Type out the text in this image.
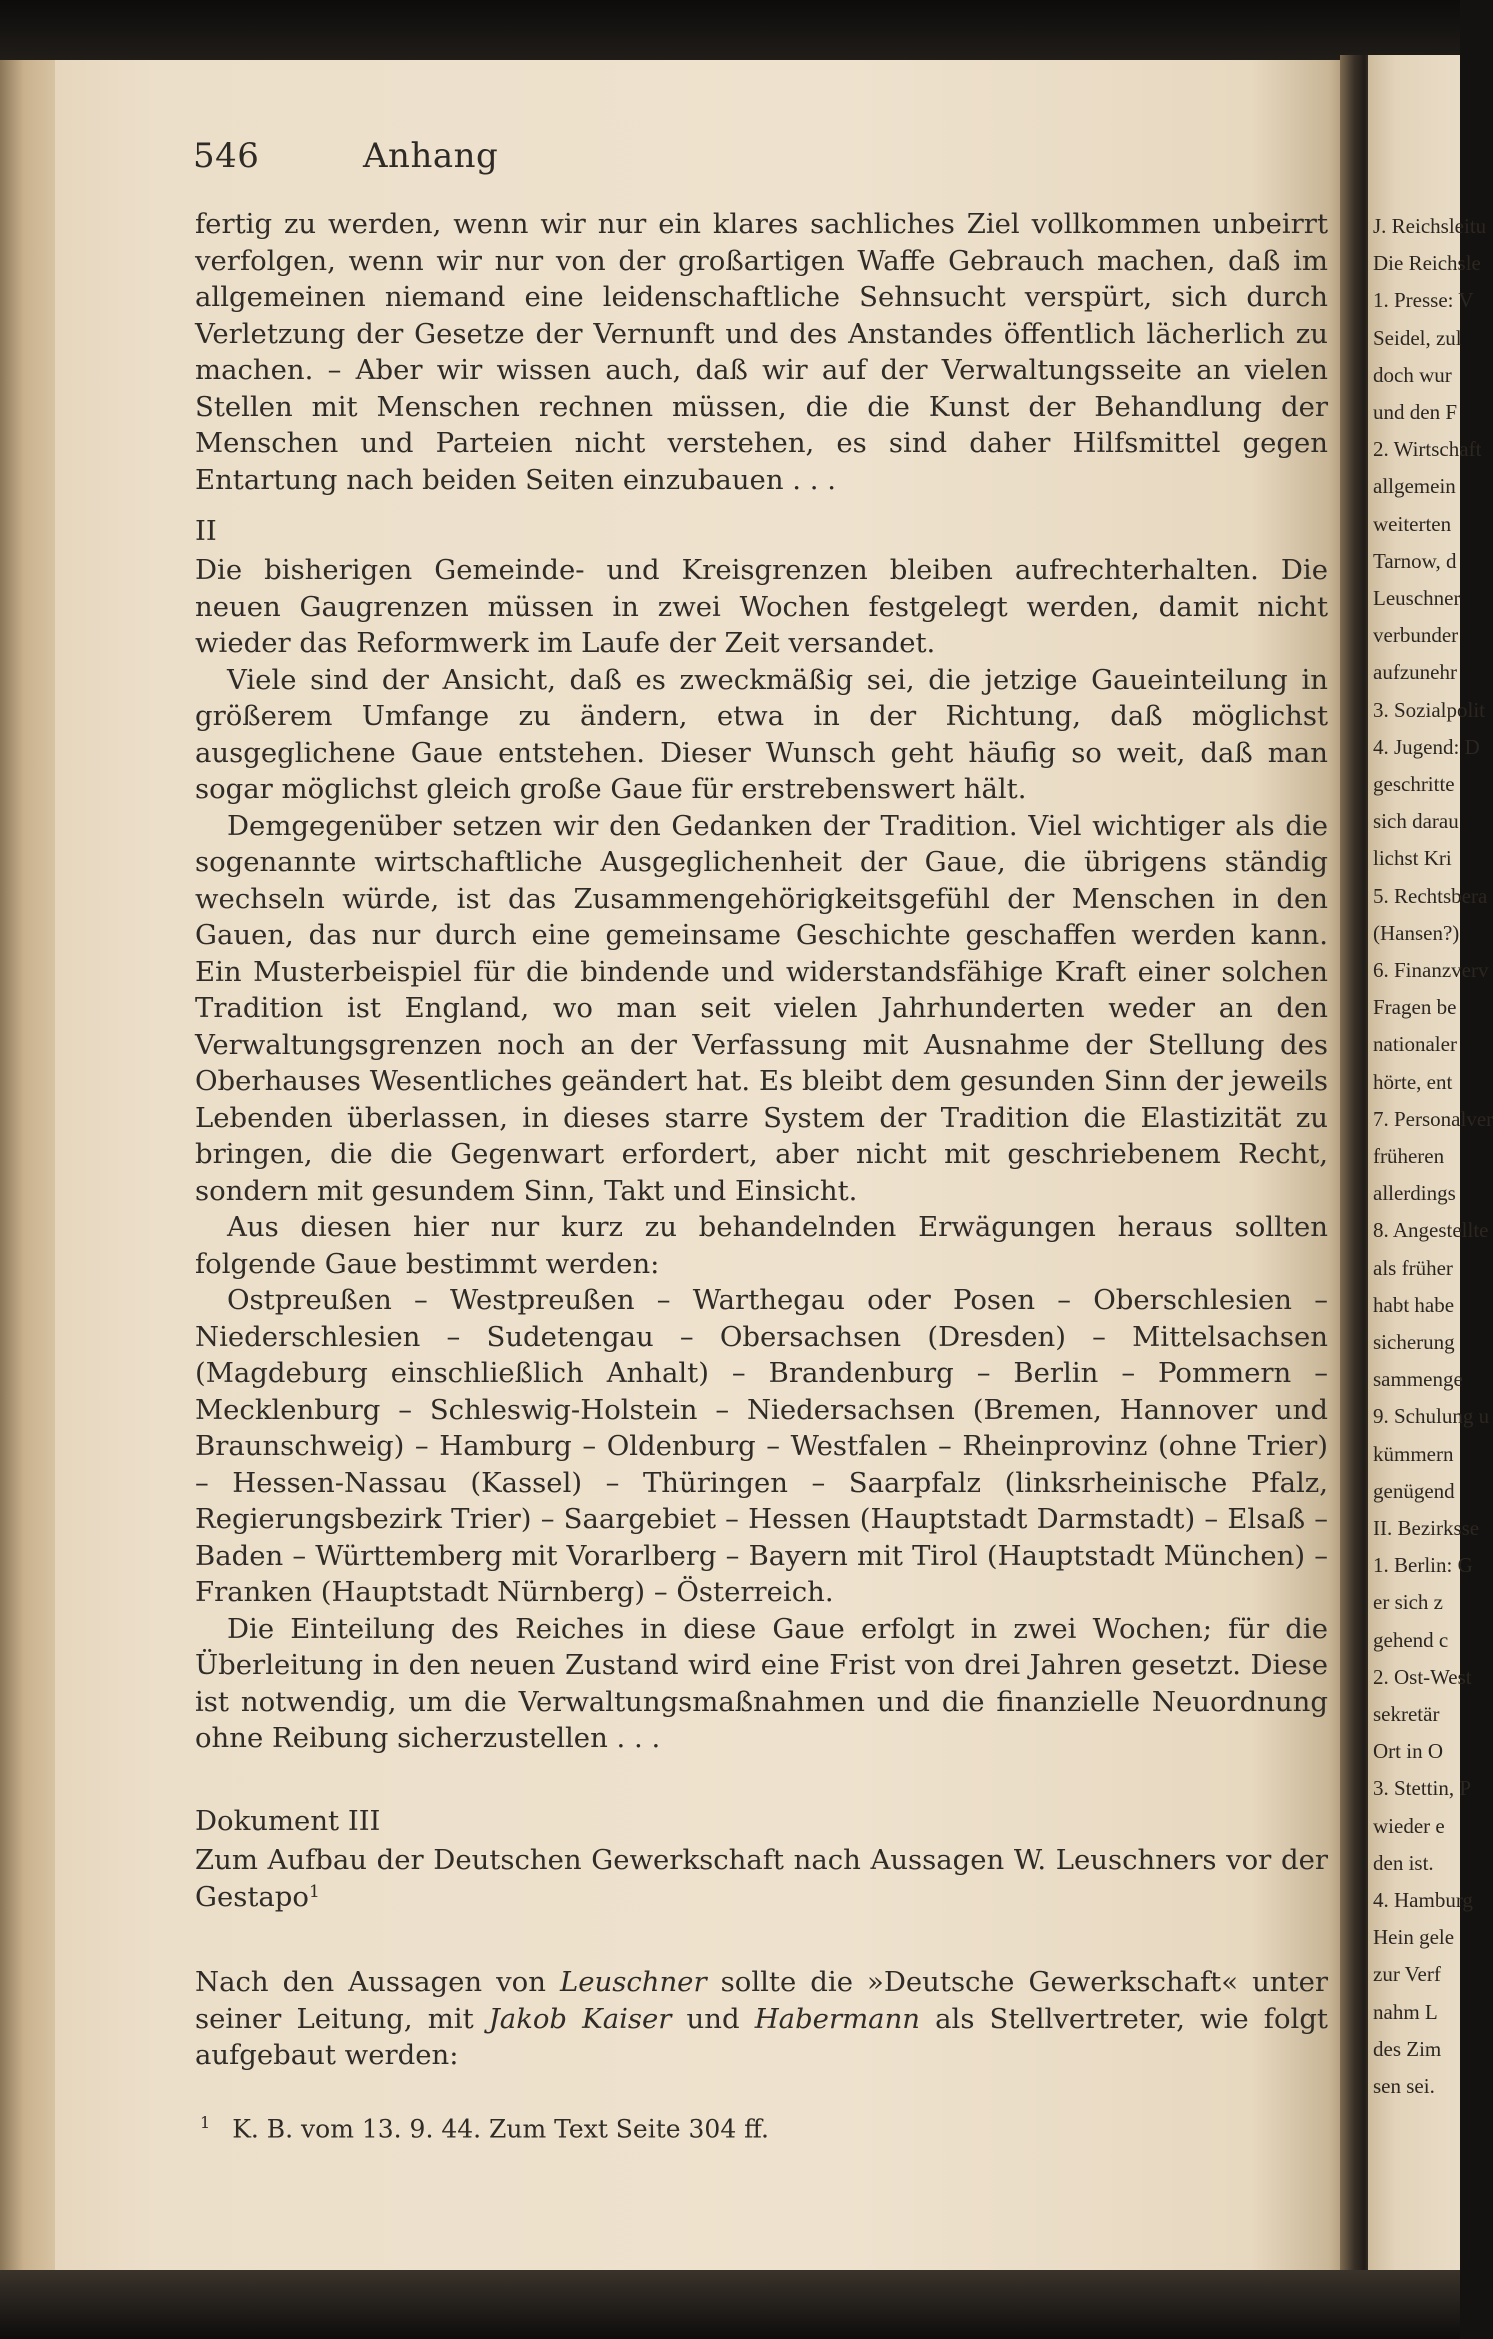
546	Anhang

fertig zu werden, wenn wir nur ein klares sachliches Ziel vollkommen unbeirrt verfolgen, wenn wir nur von der großartigen Waffe Gebrauch machen, daß im allgemeinen niemand eine leidenschaftliche Sehnsucht verspürt, sich durch Verletzung der Gesetze der Vernunft und des Anstandes öffentlich lächerlich zu machen. – Aber wir wissen auch, daß wir auf der Verwaltungsseite an vielen Stellen mit Menschen rechnen müssen, die die Kunst der Behandlung der Menschen und Parteien nicht verstehen, es sind daher Hilfsmittel gegen Entartung nach beiden Seiten einzubauen . . .

II

Die bisherigen Gemeinde- und Kreisgrenzen bleiben aufrechterhalten. Die neuen Gaugrenzen müssen in zwei Wochen festgelegt werden, damit nicht wieder das Reformwerk im Laufe der Zeit versandet.

Viele sind der Ansicht, daß es zweckmäßig sei, die jetzige Gaueinteilung in größerem Umfange zu ändern, etwa in der Richtung, daß möglichst ausgeglichene Gaue entstehen. Dieser Wunsch geht häufig so weit, daß man sogar möglichst gleich große Gaue für erstrebenswert hält.

Demgegenüber setzen wir den Gedanken der Tradition. Viel wichtiger als die sogenannte wirtschaftliche Ausgeglichenheit der Gaue, die übrigens ständig wechseln würde, ist das Zusammengehörigkeitsgefühl der Menschen in den Gauen, das nur durch eine gemeinsame Geschichte geschaffen werden kann. Ein Musterbeispiel für die bindende und widerstandsfähige Kraft einer solchen Tradition ist England, wo man seit vielen Jahrhunderten weder an den Verwaltungsgrenzen noch an der Verfassung mit Ausnahme der Stellung des Oberhauses Wesentliches geändert hat. Es bleibt dem gesunden Sinn der jeweils Lebenden überlassen, in dieses starre System der Tradition die Elastizität zu bringen, die die Gegenwart erfordert, aber nicht mit geschriebenem Recht, sondern mit gesundem Sinn, Takt und Einsicht.

Aus diesen hier nur kurz zu behandelnden Erwägungen heraus sollten folgende Gaue bestimmt werden:

Ostpreußen – Westpreußen – Warthegau oder Posen – Oberschlesien – Niederschlesien – Sudetengau – Obersachsen (Dresden) – Mittelsachsen (Magdeburg einschließlich Anhalt) – Brandenburg – Berlin – Pommern – Mecklenburg – Schleswig-Holstein – Niedersachsen (Bremen, Hannover und Braunschweig) – Hamburg – Oldenburg – Westfalen – Rheinprovinz (ohne Trier) – Hessen-Nassau (Kassel) – Thüringen – Saarpfalz (linksrheinische Pfalz, Regierungsbezirk Trier) – Saargebiet – Hessen (Hauptstadt Darmstadt) – Elsaß – Baden – Württemberg mit Vorarlberg – Bayern mit Tirol (Hauptstadt München) – Franken (Hauptstadt Nürnberg) – Österreich.

Die Einteilung des Reiches in diese Gaue erfolgt in zwei Wochen; für die Überleitung in den neuen Zustand wird eine Frist von drei Jahren gesetzt. Diese ist notwendig, um die Verwaltungsmaßnahmen und die finanzielle Neuordnung ohne Reibung sicherzustellen . . .

Dokument III
Zum Aufbau der Deutschen Gewerkschaft nach Aussagen W. Leuschners vor der Gestapo$^1$

Nach den Aussagen von Leuschner sollte die »Deutsche Gewerkschaft« unter seiner Leitung, mit Jakob Kaiser und Habermann als Stellvertreter, wie folgt aufgebaut werden:

$^1$ K. B. vom 13. 9. 44. Zum Text Seite 304 ff.
J. Reichsleitu
Die Reichsle
1. Presse: V
Seidel, zul
doch wur
und den F
2. Wirtschaft
allgemein
weiterten
Tarnow, d
Leuschner
verbunder
aufzunehr
3. Sozialpolit
4. Jugend: D
geschritte
sich darau
lichst Kri
5. Rechtsbera
(Hansen?)
6. Finanzverv
Fragen be
nationaler
hörte, ent
7. Personalver
früheren
allerdings
8. Angestellte
als früher
habt habe
sicherung
sammenge
9. Schulung u
kümmern
genügend
II. Bezirksse
1. Berlin: G
er sich z
gehend c
2. Ost-West
sekretär
Ort in O
3. Stettin, P
wieder e
den ist.
4. Hamburg
Hein gele
zur Verf
nahm L
des Zim
sen sei.
